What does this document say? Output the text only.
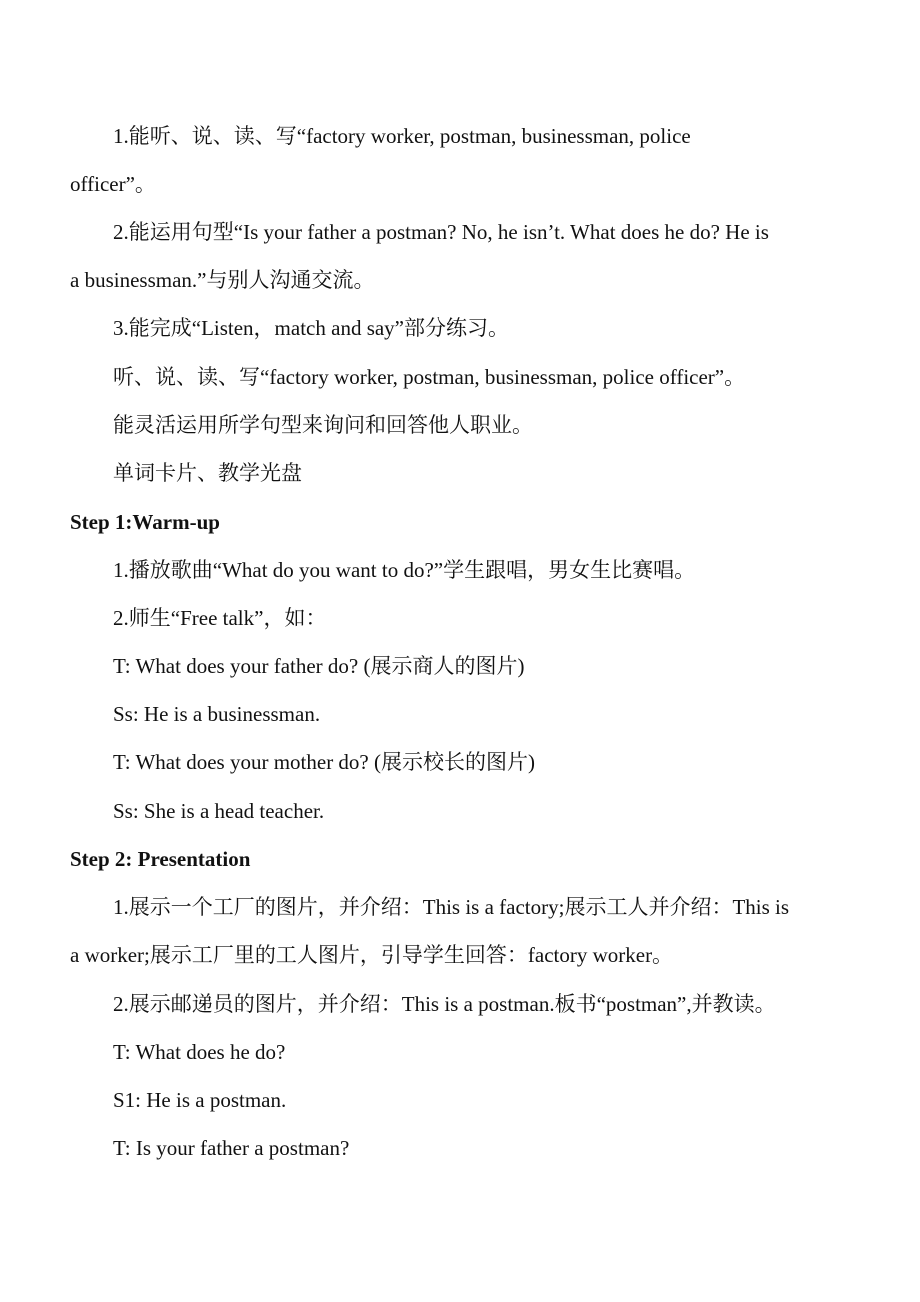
1.能听、说、读、写“factory worker, postman, businessman, police
officer”。
2.能运用句型“Is your father a postman? No, he isn’t. What does he do? He is
a businessman.”与别人沟通交流。
3.能完成“Listen，match and say”部分练习。
听、说、读、写“factory worker, postman, businessman, police officer”。
能灵活运用所学句型来询问和回答他人职业。
单词卡片、教学光盘
Step 1:Warm-up
1.播放歌曲“What do you want to do?”学生跟唱，男女生比赛唱。
2.师生“Free talk”，如：
T: What does your father do? (展示商人的图片)
Ss: He is a businessman.
T: What does your mother do? (展示校长的图片)
Ss: She is a head teacher.
Step 2: Presentation
1.展示一个工厂的图片，并介绍：This is a factory;展示工人并介绍：This is
a worker;展示工厂里的工人图片，引导学生回答：factory worker。
2.展示邮递员的图片，并介绍：This is a postman.板书“postman”,并教读。
T: What does he do?
S1: He is a postman.
T: Is your father a postman?
